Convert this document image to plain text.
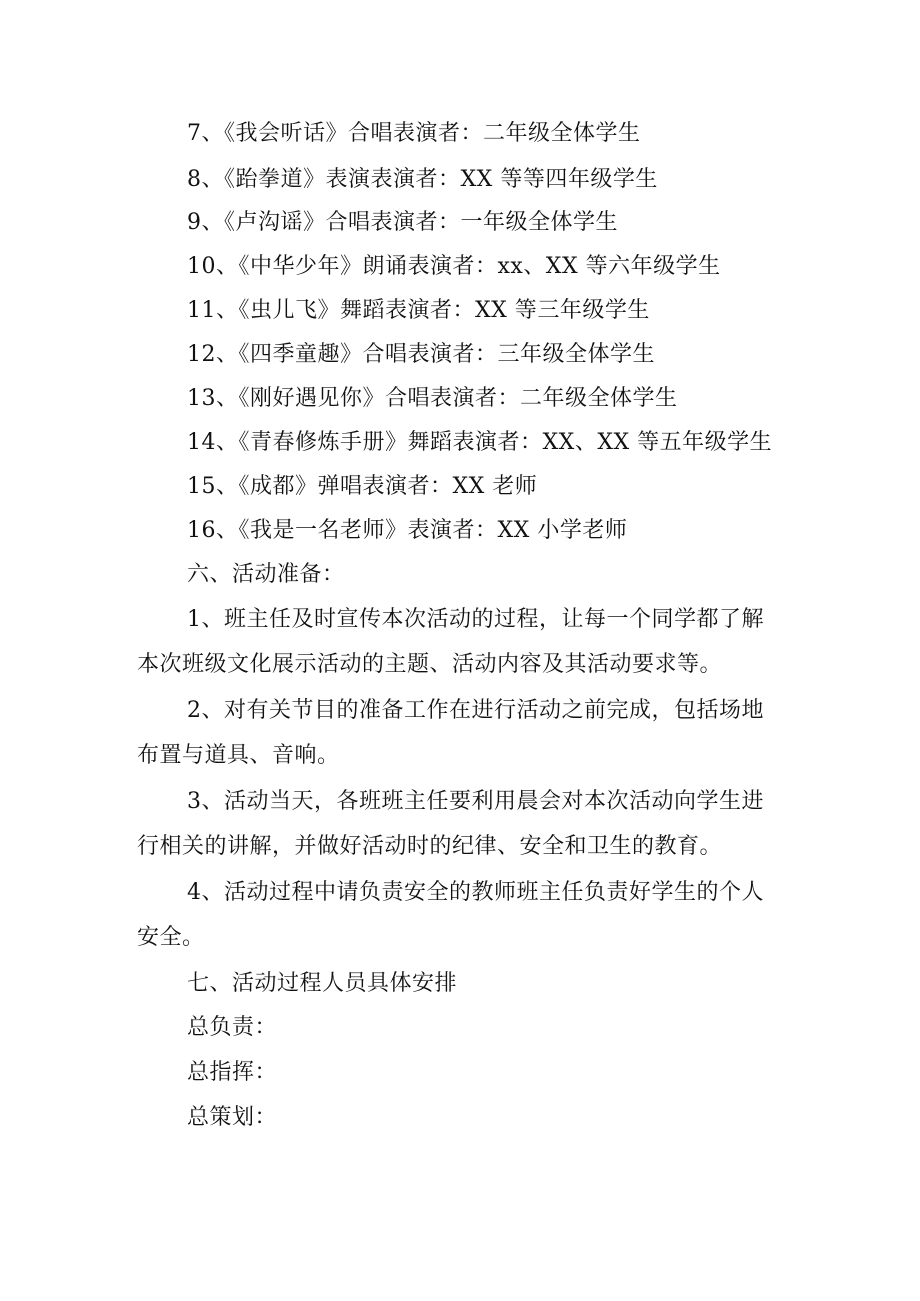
7、《我会听话》合唱表演者：二年级全体学生
8、《跆拳道》表演表演者：XX 等等四年级学生
9、《卢沟谣》合唱表演者：一年级全体学生
10、《中华少年》朗诵表演者：xx、XX 等六年级学生
11、《虫儿飞》舞蹈表演者：XX 等三年级学生
12、《四季童趣》合唱表演者：三年级全体学生
13、《刚好遇见你》合唱表演者：二年级全体学生
14、《青春修炼手册》舞蹈表演者：XX、XX 等五年级学生
15、《成都》弹唱表演者：XX 老师
16、《我是一名老师》表演者：XX 小学老师
六、活动准备：
1、班主任及时宣传本次活动的过程，让每一个同学都了解
本次班级文化展示活动的主题、活动内容及其活动要求等。
2、对有关节目的准备工作在进行活动之前完成，包括场地
布置与道具、音响。
3、活动当天，各班班主任要利用晨会对本次活动向学生进
行相关的讲解，并做好活动时的纪律、安全和卫生的教育。
4、活动过程中请负责安全的教师班主任负责好学生的个人
安全。
七、活动过程人员具体安排
总负责：
总指挥：
总策划：
